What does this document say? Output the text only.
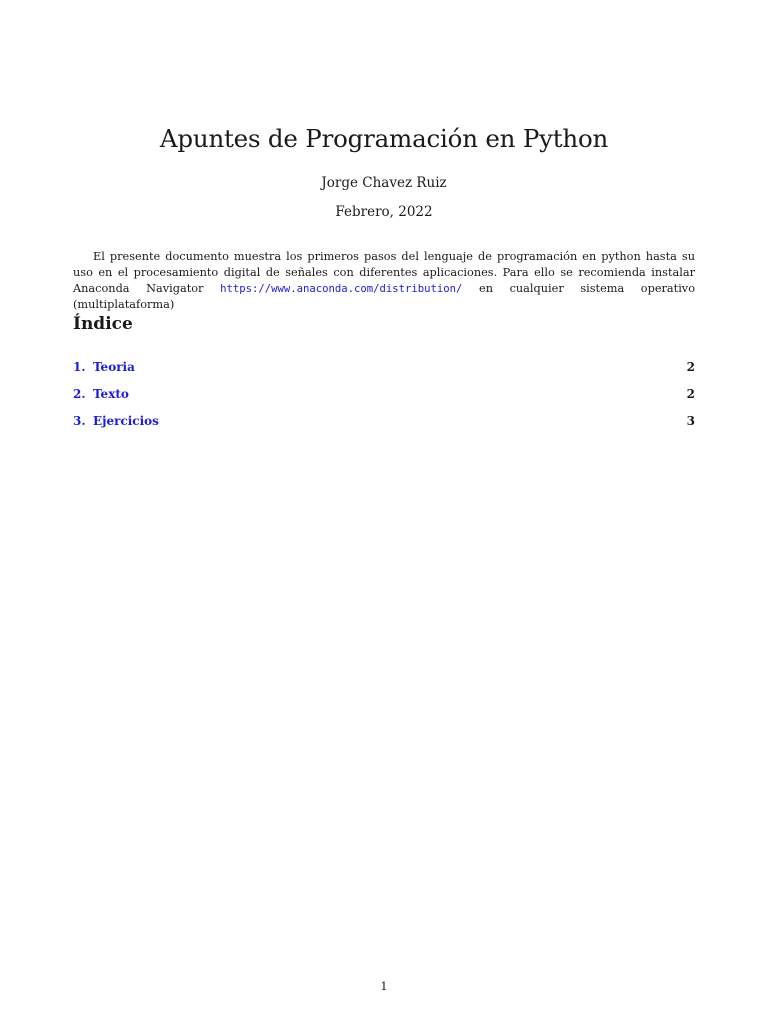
Apuntes de Programación en Python
Jorge Chavez Ruiz
Febrero, 2022

El presente documento muestra los primeros pasos del lenguaje de programación en python hasta su uso en el procesamiento digital de señales con diferentes aplicaciones. Para ello se recomienda instalar Anaconda Navigator https://www.anaconda.com/distribution/ en cualquier sistema operativo (multiplataforma)

Índice
1. Teoria	2
2. Texto	2
3. Ejercicios	3
1
